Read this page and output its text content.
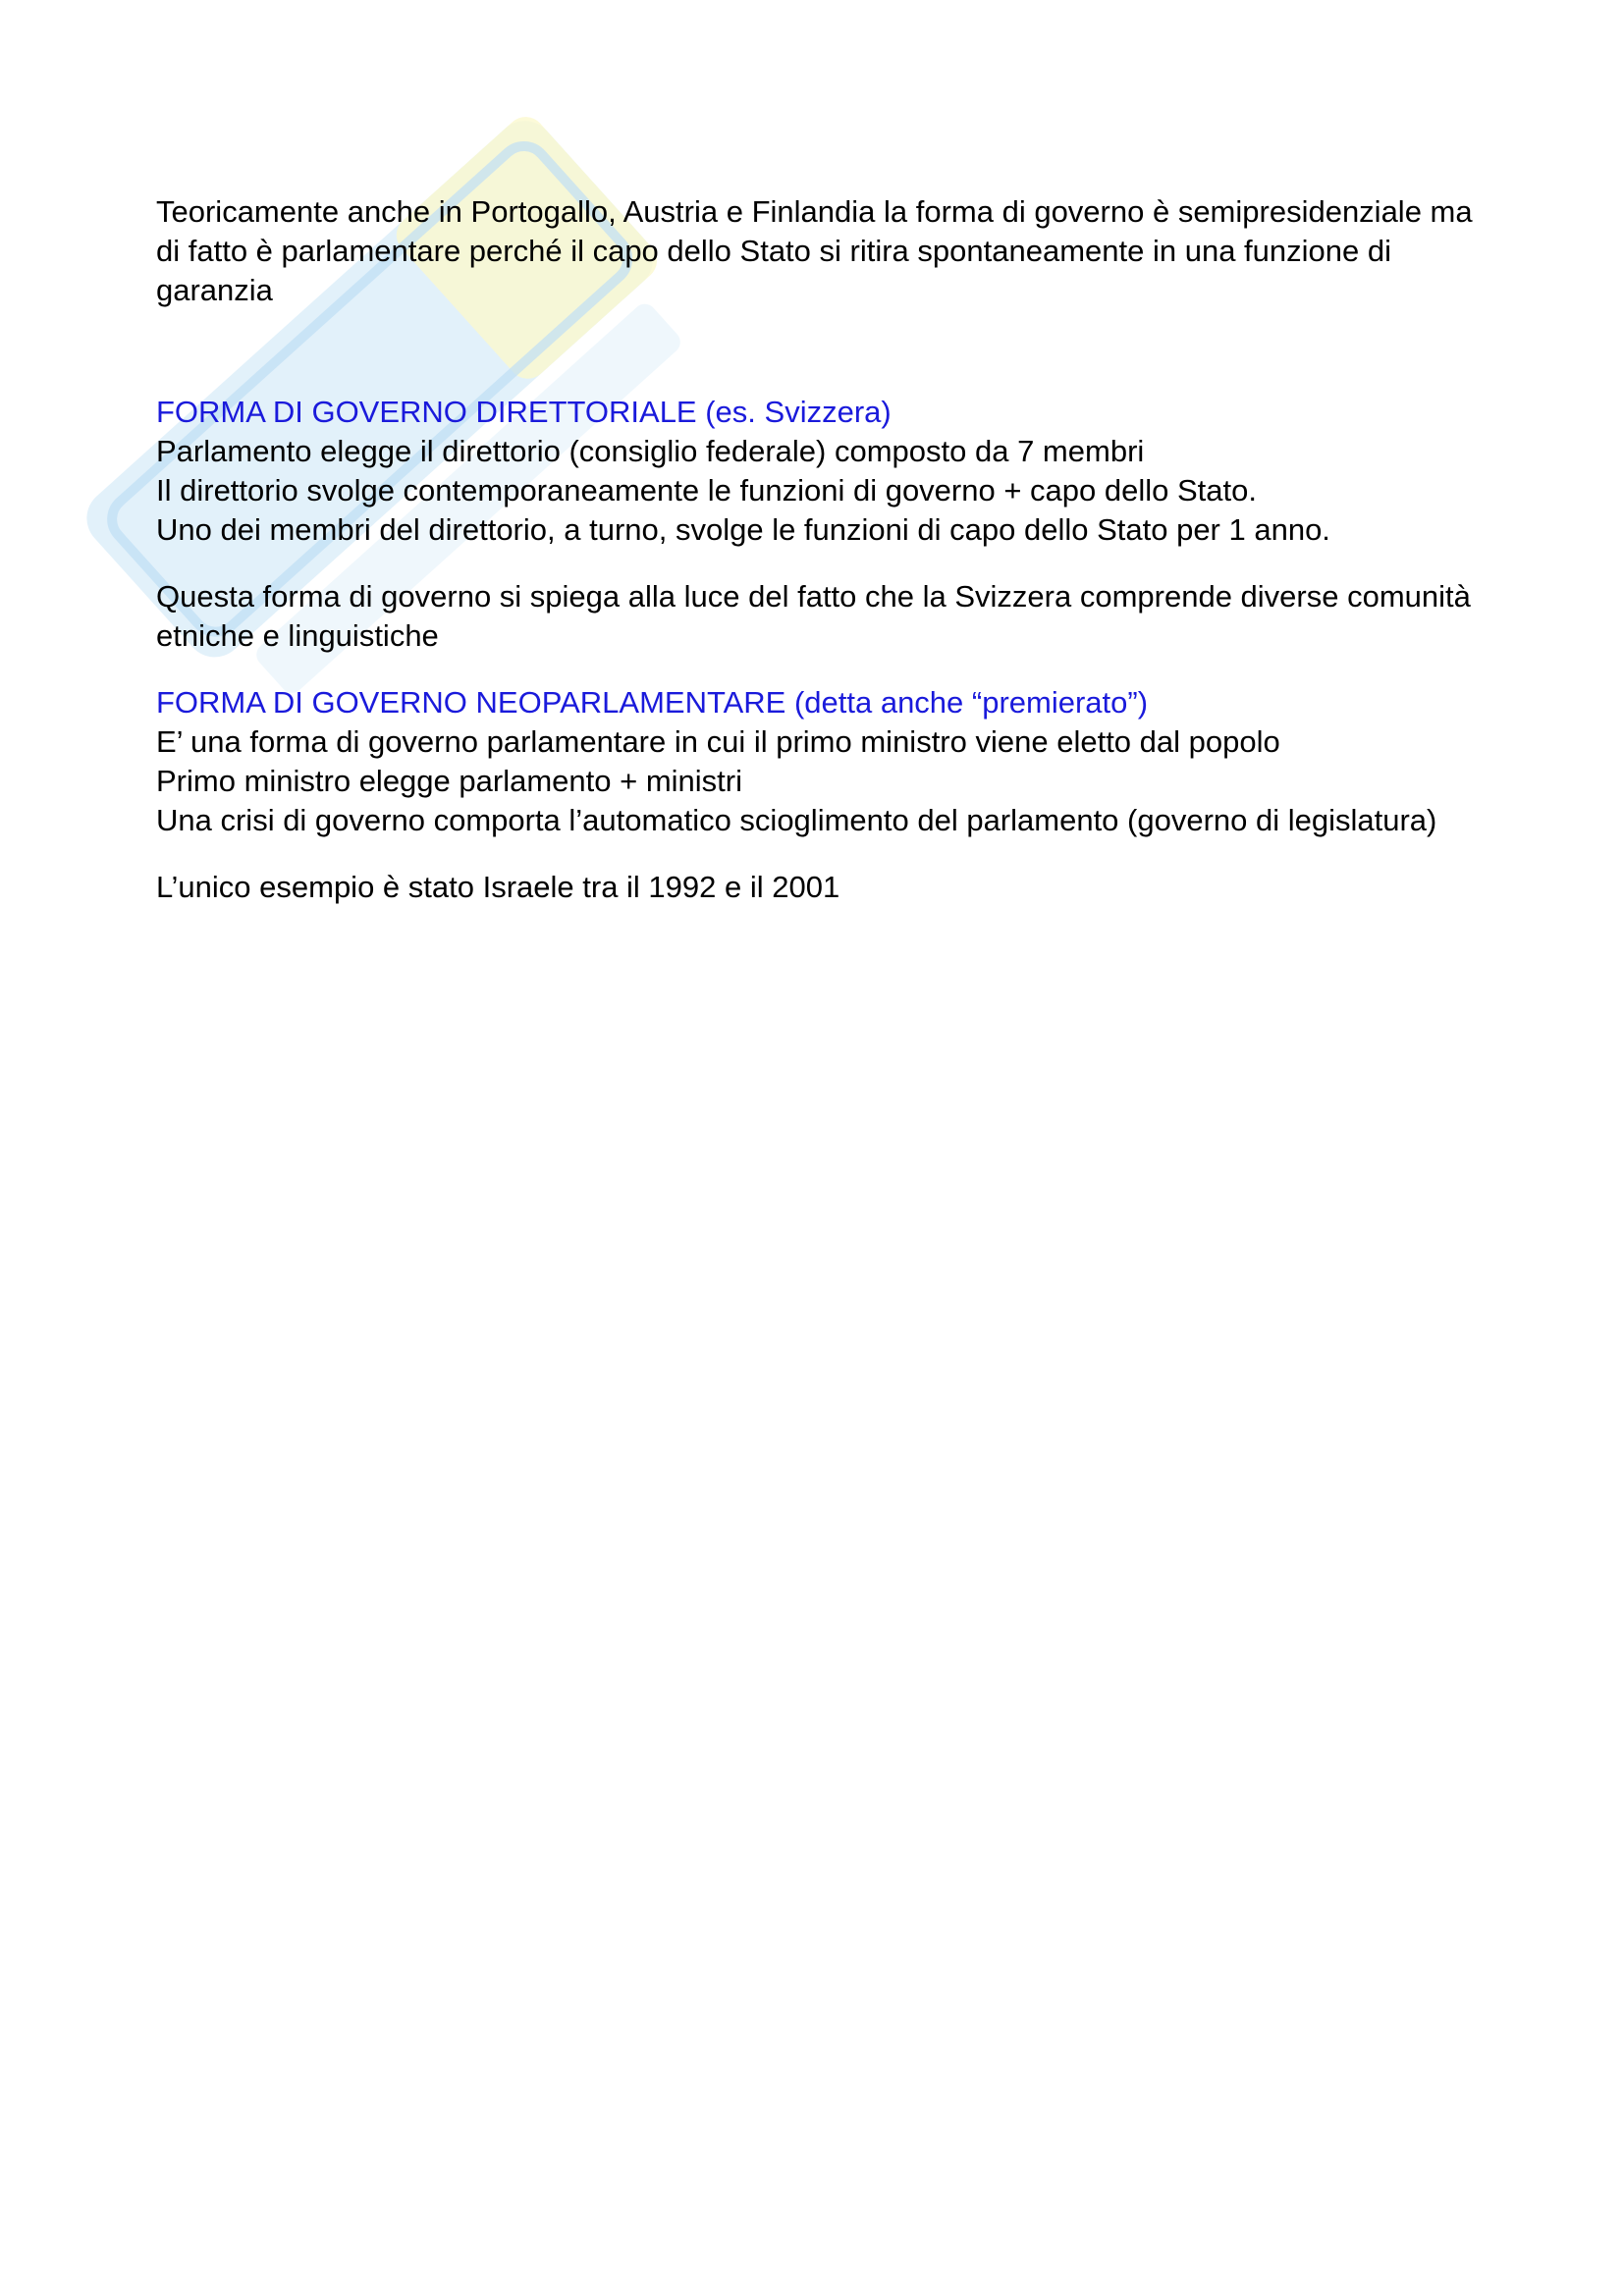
Teoricamente anche in Portogallo, Austria e Finlandia la forma di governo è semipresidenziale ma

di fatto è parlamentare perché il capo dello Stato si ritira spontaneamente in una funzione di

garanzia

FORMA DI GOVERNO DIRETTORIALE (es. Svizzera)

Parlamento elegge il direttorio (consiglio federale) composto da 7 membri

Il direttorio svolge contemporaneamente le funzioni di governo + capo dello Stato.

Uno dei membri del direttorio, a turno, svolge le funzioni di capo dello Stato per 1 anno.

Questa forma di governo si spiega alla luce del fatto che la Svizzera comprende diverse comunità

etniche e linguistiche

FORMA DI GOVERNO NEOPARLAMENTARE (detta anche “premierato”)

E’ una forma di governo parlamentare in cui il primo ministro viene eletto dal popolo

Primo ministro elegge parlamento + ministri

Una crisi di governo comporta l’automatico scioglimento del parlamento (governo di legislatura)

L’unico esempio è stato Israele tra il 1992 e il 2001
